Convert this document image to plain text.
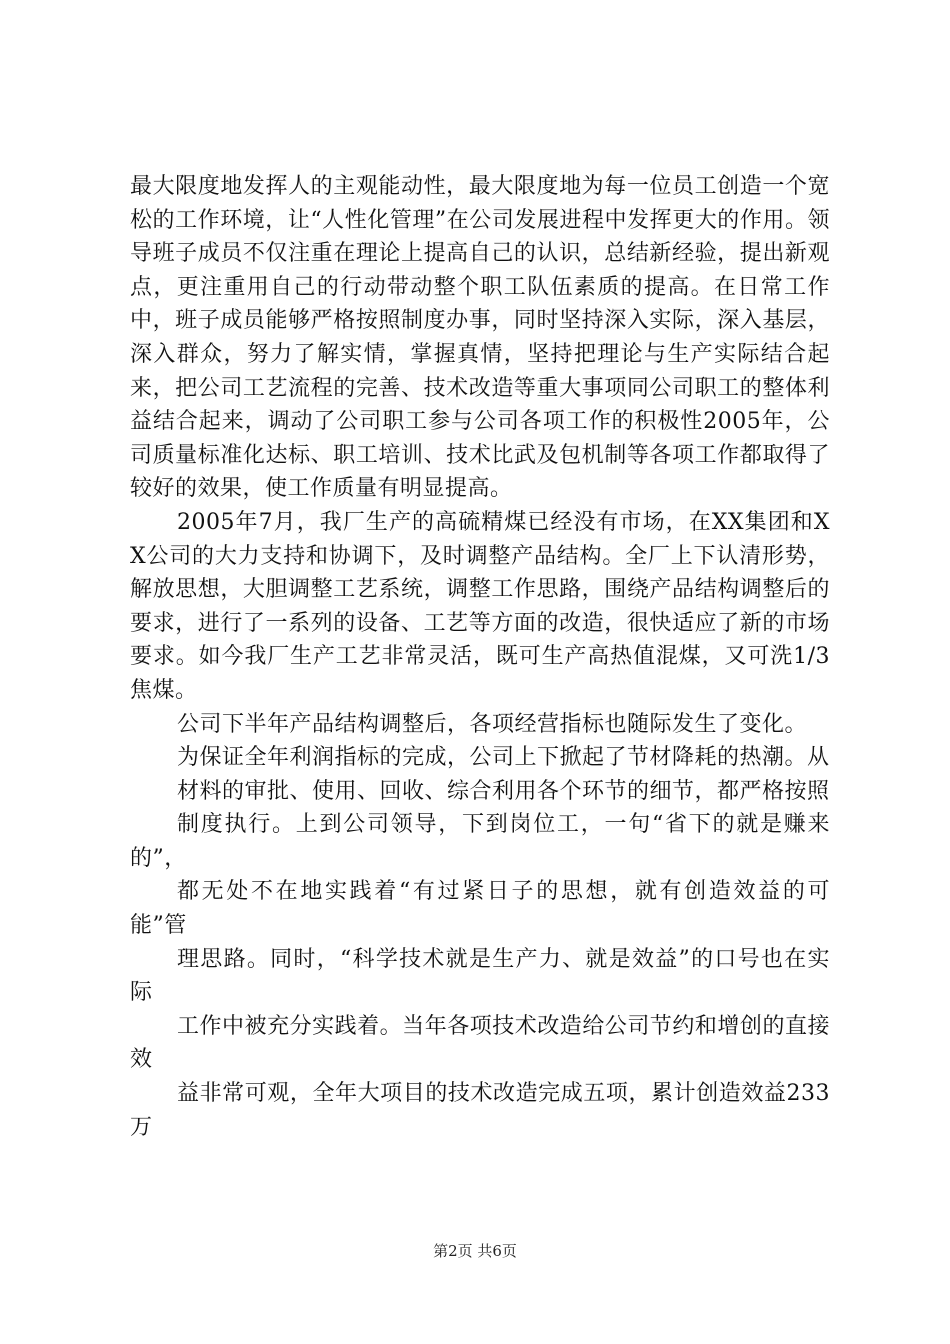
最大限度地发挥人的主观能动性，最大限度地为每一位员工创造一个宽松的工作环境，让“人性化管理”在公司发展进程中发挥更大的作用。领导班子成员不仅注重在理论上提高自己的认识，总结新经验，提出新观点，更注重用自己的行动带动整个职工队伍素质的提高。在日常工作中，班子成员能够严格按照制度办事，同时坚持深入实际，深入基层，深入群众，努力了解实情，掌握真情，坚持把理论与生产实际结合起来，把公司工艺流程的完善、技术改造等重大事项同公司职工的整体利益结合起来，调动了公司职工参与公司各项工作的积极性2005年，公司质量标准化达标、职工培训、技术比武及包机制等各项工作都取得了较好的效果，使工作质量有明显提高。

2005年7月，我厂生产的高硫精煤已经没有市场，在XX集团和XX公司的大力支持和协调下，及时调整产品结构。全厂上下认清形势，解放思想，大胆调整工艺系统，调整工作思路，围绕产品结构调整后的要求，进行了一系列的设备、工艺等方面的改造，很快适应了新的市场要求。如今我厂生产工艺非常灵活，既可生产高热值混煤，又可洗1/3焦煤。

公司下半年产品结构调整后，各项经营指标也随际发生了变化。

为保证全年利润指标的完成，公司上下掀起了节材降耗的热潮。从

材料的审批、使用、回收、综合利用各个环节的细节，都严格按照

制度执行。上到公司领导，下到岗位工，一句“省下的就是赚来的”，

都无处不在地实践着“有过紧日子的思想，就有创造效益的可能”管

理思路。同时，“科学技术就是生产力、就是效益”的口号也在实际

工作中被充分实践着。当年各项技术改造给公司节约和增创的直接效

益非常可观，全年大项目的技术改造完成五项，累计创造效益233万

第2页 共6页
